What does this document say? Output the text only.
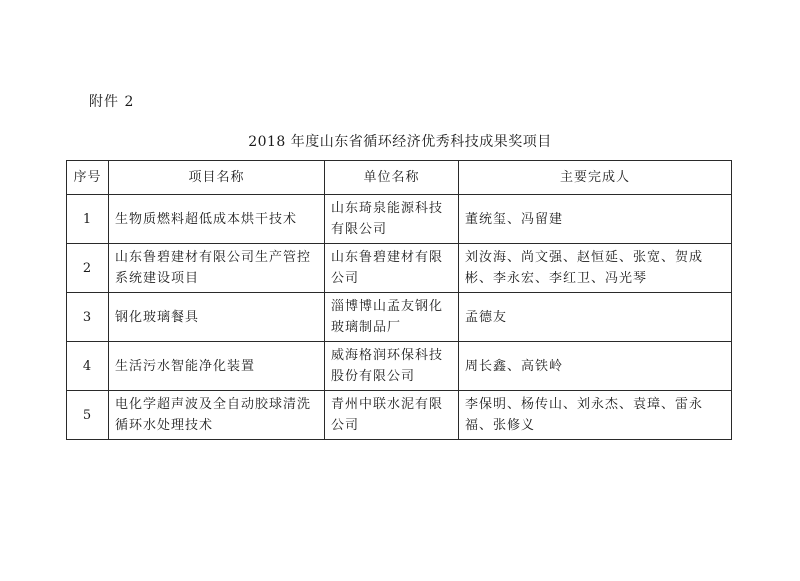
附件 2
2018 年度山东省循环经济优秀科技成果奖项目
序号	项目名称	单位名称	主要完成人
1	生物质燃料超低成本烘干技术	山东琦泉能源科技有限公司	董统玺、冯留建
2	山东鲁碧建材有限公司生产管控系统建设项目	山东鲁碧建材有限公司	刘汝海、尚文强、赵恒延、张宽、贺成彬、李永宏、李红卫、冯光琴
3	钢化玻璃餐具	淄博博山孟友钢化玻璃制品厂	孟德友
4	生活污水智能净化装置	威海格润环保科技股份有限公司	周长鑫、高铁岭
5	电化学超声波及全自动胶球清洗循环水处理技术	青州中联水泥有限公司	李保明、杨传山、刘永杰、袁璋、雷永福、张修义
